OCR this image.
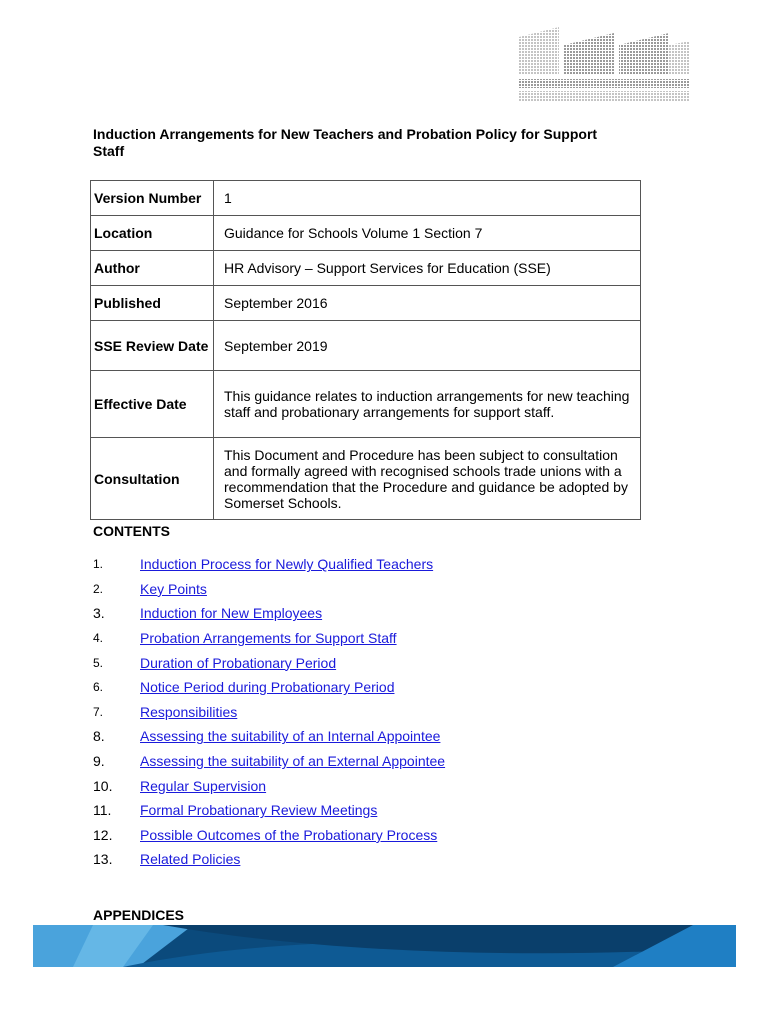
Induction Arrangements for New Teachers and Probation Policy for Support Staff
Version Number	1
Location	Guidance for Schools Volume 1 Section 7
Author	HR Advisory – Support Services for Education (SSE)
Published	September 2016
SSE Review Date	September 2019
Effective Date	This guidance relates to induction arrangements for new teaching staff and probationary arrangements for support staff.
Consultation	This Document and Procedure has been subject to consultation and formally agreed with recognised schools trade unions with a recommendation that the Procedure and guidance be adopted by Somerset Schools.
CONTENTS
1.	Induction Process for Newly Qualified Teachers
2.	Key Points
3.	Induction for New Employees
4.	Probation Arrangements for Support Staff
5.	Duration of Probationary Period
6.	Notice Period during Probationary Period
7.	Responsibilities
8.	Assessing the suitability of an Internal Appointee
9.	Assessing the suitability of an External Appointee
10.	Regular Supervision
11.	Formal Probationary Review Meetings
12.	Possible Outcomes of the Probationary Process
13.	Related Policies
APPENDICES
